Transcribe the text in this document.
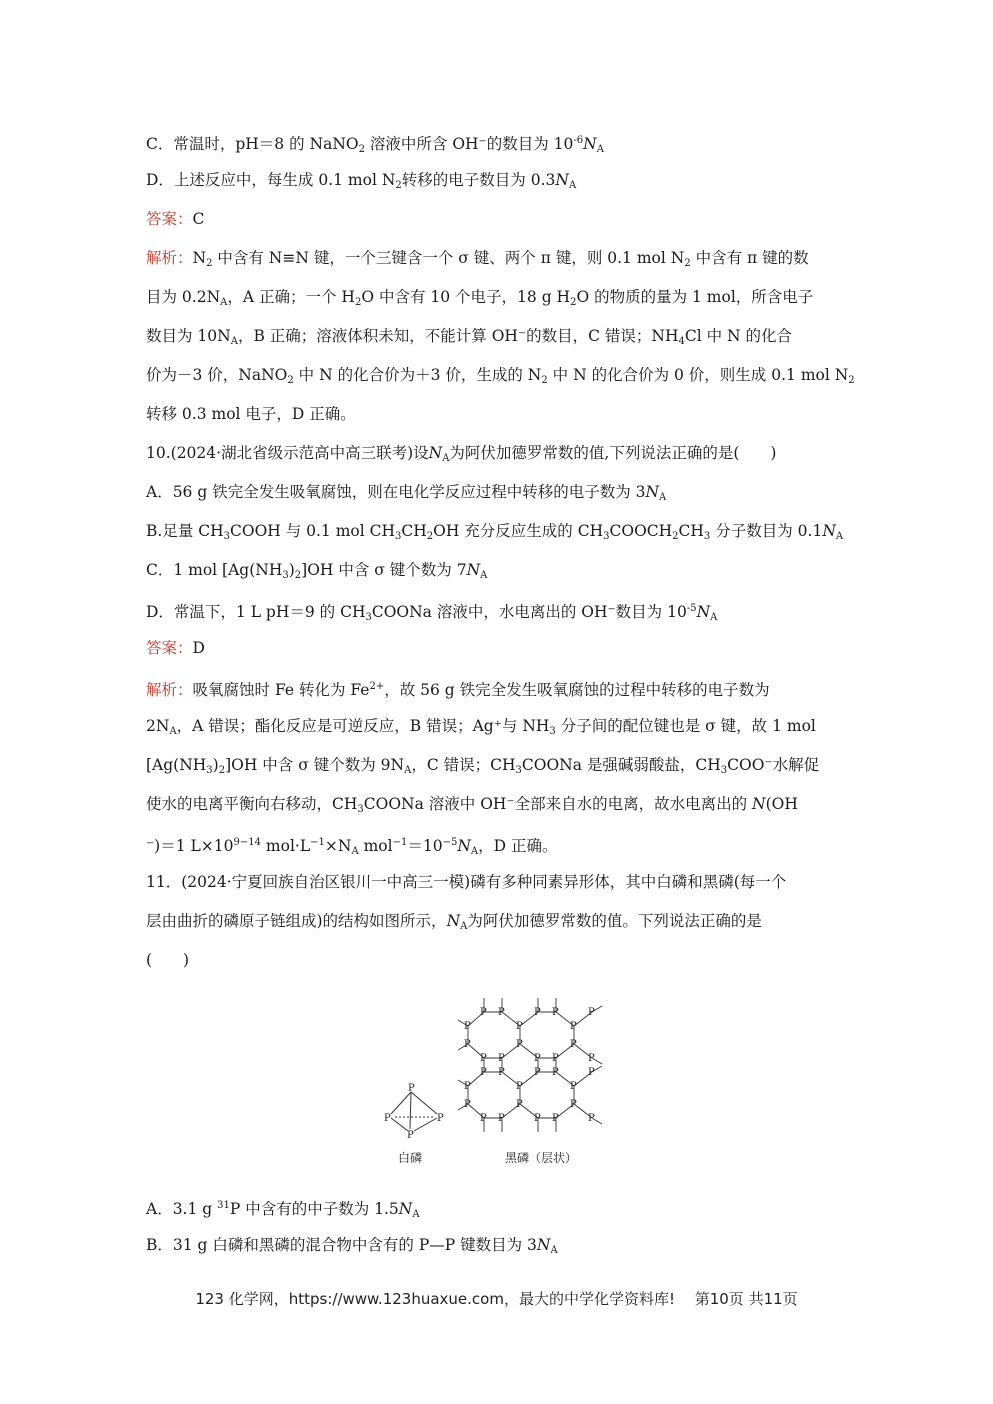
C．常温时，pH＝8 的 NaNO$_2$ 溶液中所含 OH⁻的数目为 $10^{-6}N_A$
D．上述反应中，每生成 0.1 mol $N_2$转移的电子数目为 $0.3N_A$
答案：C
解析：$N_2$ 中含有 N≡N 键，一个三键含一个 σ 键、两个 π 键，则 0.1 mol $N_2$ 中含有 π 键的数
目为 $0.2N_A$，A 正确；一个 $H_2O$ 中含有 10 个电子，18 g $H_2O$ 的物质的量为 1 mol，所含电子
数目为 $10N_A$，B 正确；溶液体积未知，不能计算 OH⁻的数目，C 错误；$NH_4Cl$ 中 N 的化合
价为－3 价，NaNO$_2$ 中 N 的化合价为＋3 价，生成的 $N_2$ 中 N 的化合价为 0 价，则生成 0.1 mol $N_2$
转移 0.3 mol 电子，D 正确。
10.(2024·湖北省级示范高中高三联考)设$N_A$为阿伏加德罗常数的值,下列说法正确的是(　　)
A．56 g 铁完全发生吸氧腐蚀，则在电化学反应过程中转移的电子数为 $3N_A$
B.足量 $CH_3COOH$ 与 0.1 mol $CH_3CH_2OH$ 充分反应生成的 $CH_3COOCH_2CH_3$ 分子数目为 $0.1N_A$
C．1 mol $[Ag(NH_3)_2]OH$ 中含 σ 键个数为 $7N_A$
D．常温下，1 L pH＝9 的 $CH_3COONa$ 溶液中，水电离出的 OH⁻数目为 $10^{-5}N_A$
答案：D
解析：吸氧腐蚀时 Fe 转化为 $Fe^{2+}$，故 56 g 铁完全发生吸氧腐蚀的过程中转移的电子数为
$2N_A$，A 错误；酯化反应是可逆反应，B 错误；Ag⁺与 $NH_3$ 分子间的配位键也是 σ 键，故 1 mol
$[Ag(NH_3)_2]OH$ 中含 σ 键个数为 $9N_A$，C 错误；$CH_3COONa$ 是强碱弱酸盐，$CH_3COO^-$水解促
使水的电离平衡向右移动，$CH_3COONa$ 溶液中 OH⁻全部来自水的电离，故水电离出的 N(OH
⁻)＝1 $L\times 10^{9-14}$ $mol\cdot L^{-1}\times N_A$ $mol^{-1}=10^{-5}N_A$，D 正确。
11．(2024·宁夏回族自治区银川一中高三一模)磷有多种同素异形体，其中白磷和黑磷(每一个
层由曲折的磷原子链组成)的结构如图所示，$N_A$为阿伏加德罗常数的值。下列说法正确的是
(　　)
P
P	P
P
白磷
P
P P
P
P P
P
P
P
P P
P
P P
P
P
P
P P
P
P P
P
P
P
P P
P
P P
P
P
黑磷（层状）
A．3.1 g $^{31}$P 中含有的中子数为 $1.5N_A$
B．31 g 白磷和黑磷的混合物中含有的 P—P 键数目为 $3N_A$
123 化学网，https://www.123huaxue.com，最大的中学化学资料库!　 第10页 共11页
